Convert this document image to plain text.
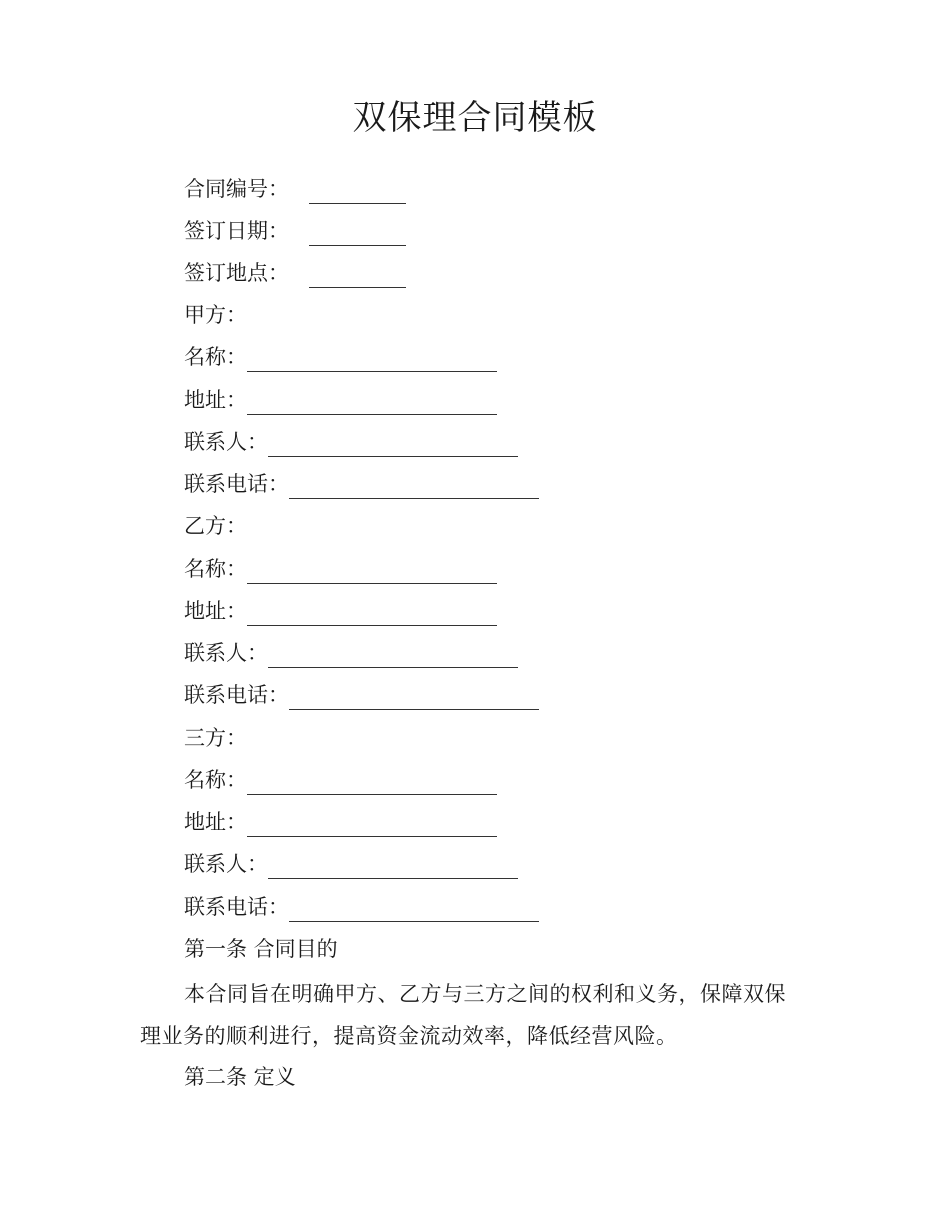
双保理合同模板
合同编号：
签订日期：
签订地点：
甲方：
名称：
地址：
联系人：
联系电话：
乙方：
名称：
地址：
联系人：
联系电话：
三方：
名称：
地址：
联系人：
联系电话：
第一条 合同目的
本合同旨在明确甲方、乙方与三方之间的权利和义务，保障双保理业务的顺利进行，提高资金流动效率，降低经营风险。
第二条 定义
